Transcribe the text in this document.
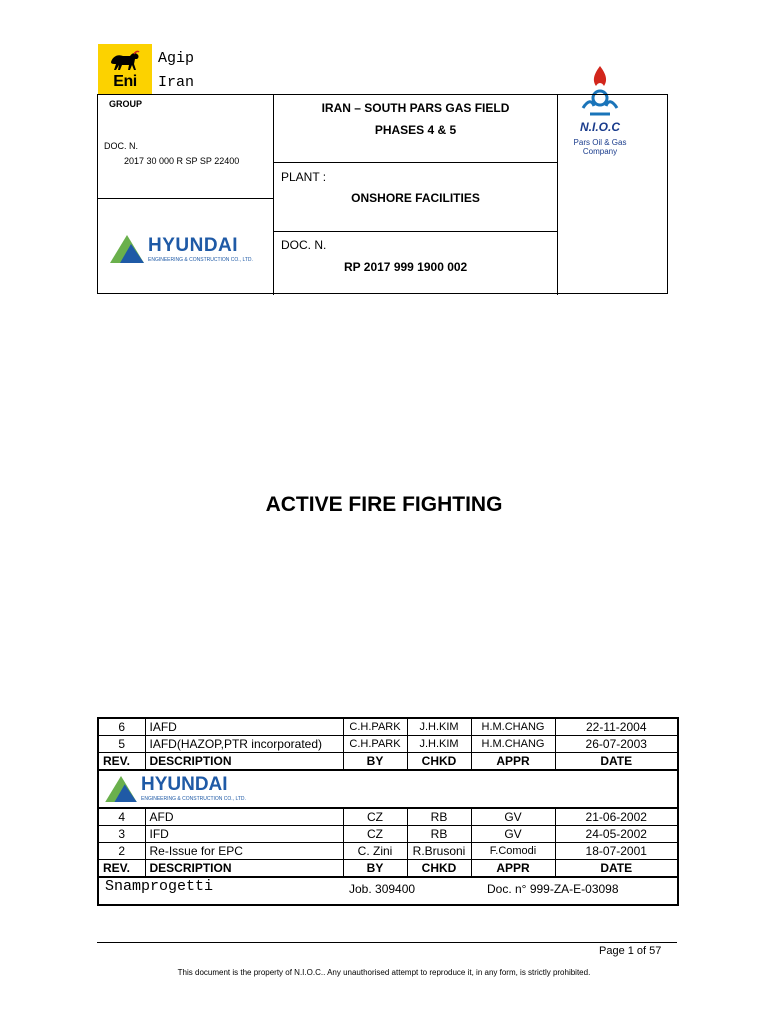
Eni
Agip
Iran
N.I.O.C
Pars Oil & Gas Company
GROUP
DOC. N.
2017 30 000 R SP SP 22400
HYUNDAI
ENGINEERING & CONSTRUCTION CO., LTD.
IRAN – SOUTH PARS GAS FIELD
PHASES 4 & 5
PLANT :
ONSHORE FACILITIES
DOC. N.
RP 2017 999 1900 002
ACTIVE FIRE FIGHTING
6	IAFD	C.H.PARK	J.H.KIM	H.M.CHANG	22-11-2004
5	IAFD(HAZOP,PTR incorporated)	C.H.PARK	J.H.KIM	H.M.CHANG	26-07-2003
REV.	DESCRIPTION	BY	CHKD	APPR	DATE

HYUNDAI
ENGINEERING & CONSTRUCTION CO., LTD.					

4	AFD	CZ	RB	GV	21-06-2002
3	IFD	CZ	RB	GV	24-05-2002
2	Re-Issue for EPC	C. Zini	R.Brusoni	F.Comodi	18-07-2001
REV.	DESCRIPTION	BY	CHKD	APPR	DATE

Snamprogetti Job. 309400 Doc. n° 999-ZA-E-03098					
Page 1 of 57
This document is the property of N.I.O.C.. Any unauthorised attempt to reproduce it, in any form, is strictly prohibited.
